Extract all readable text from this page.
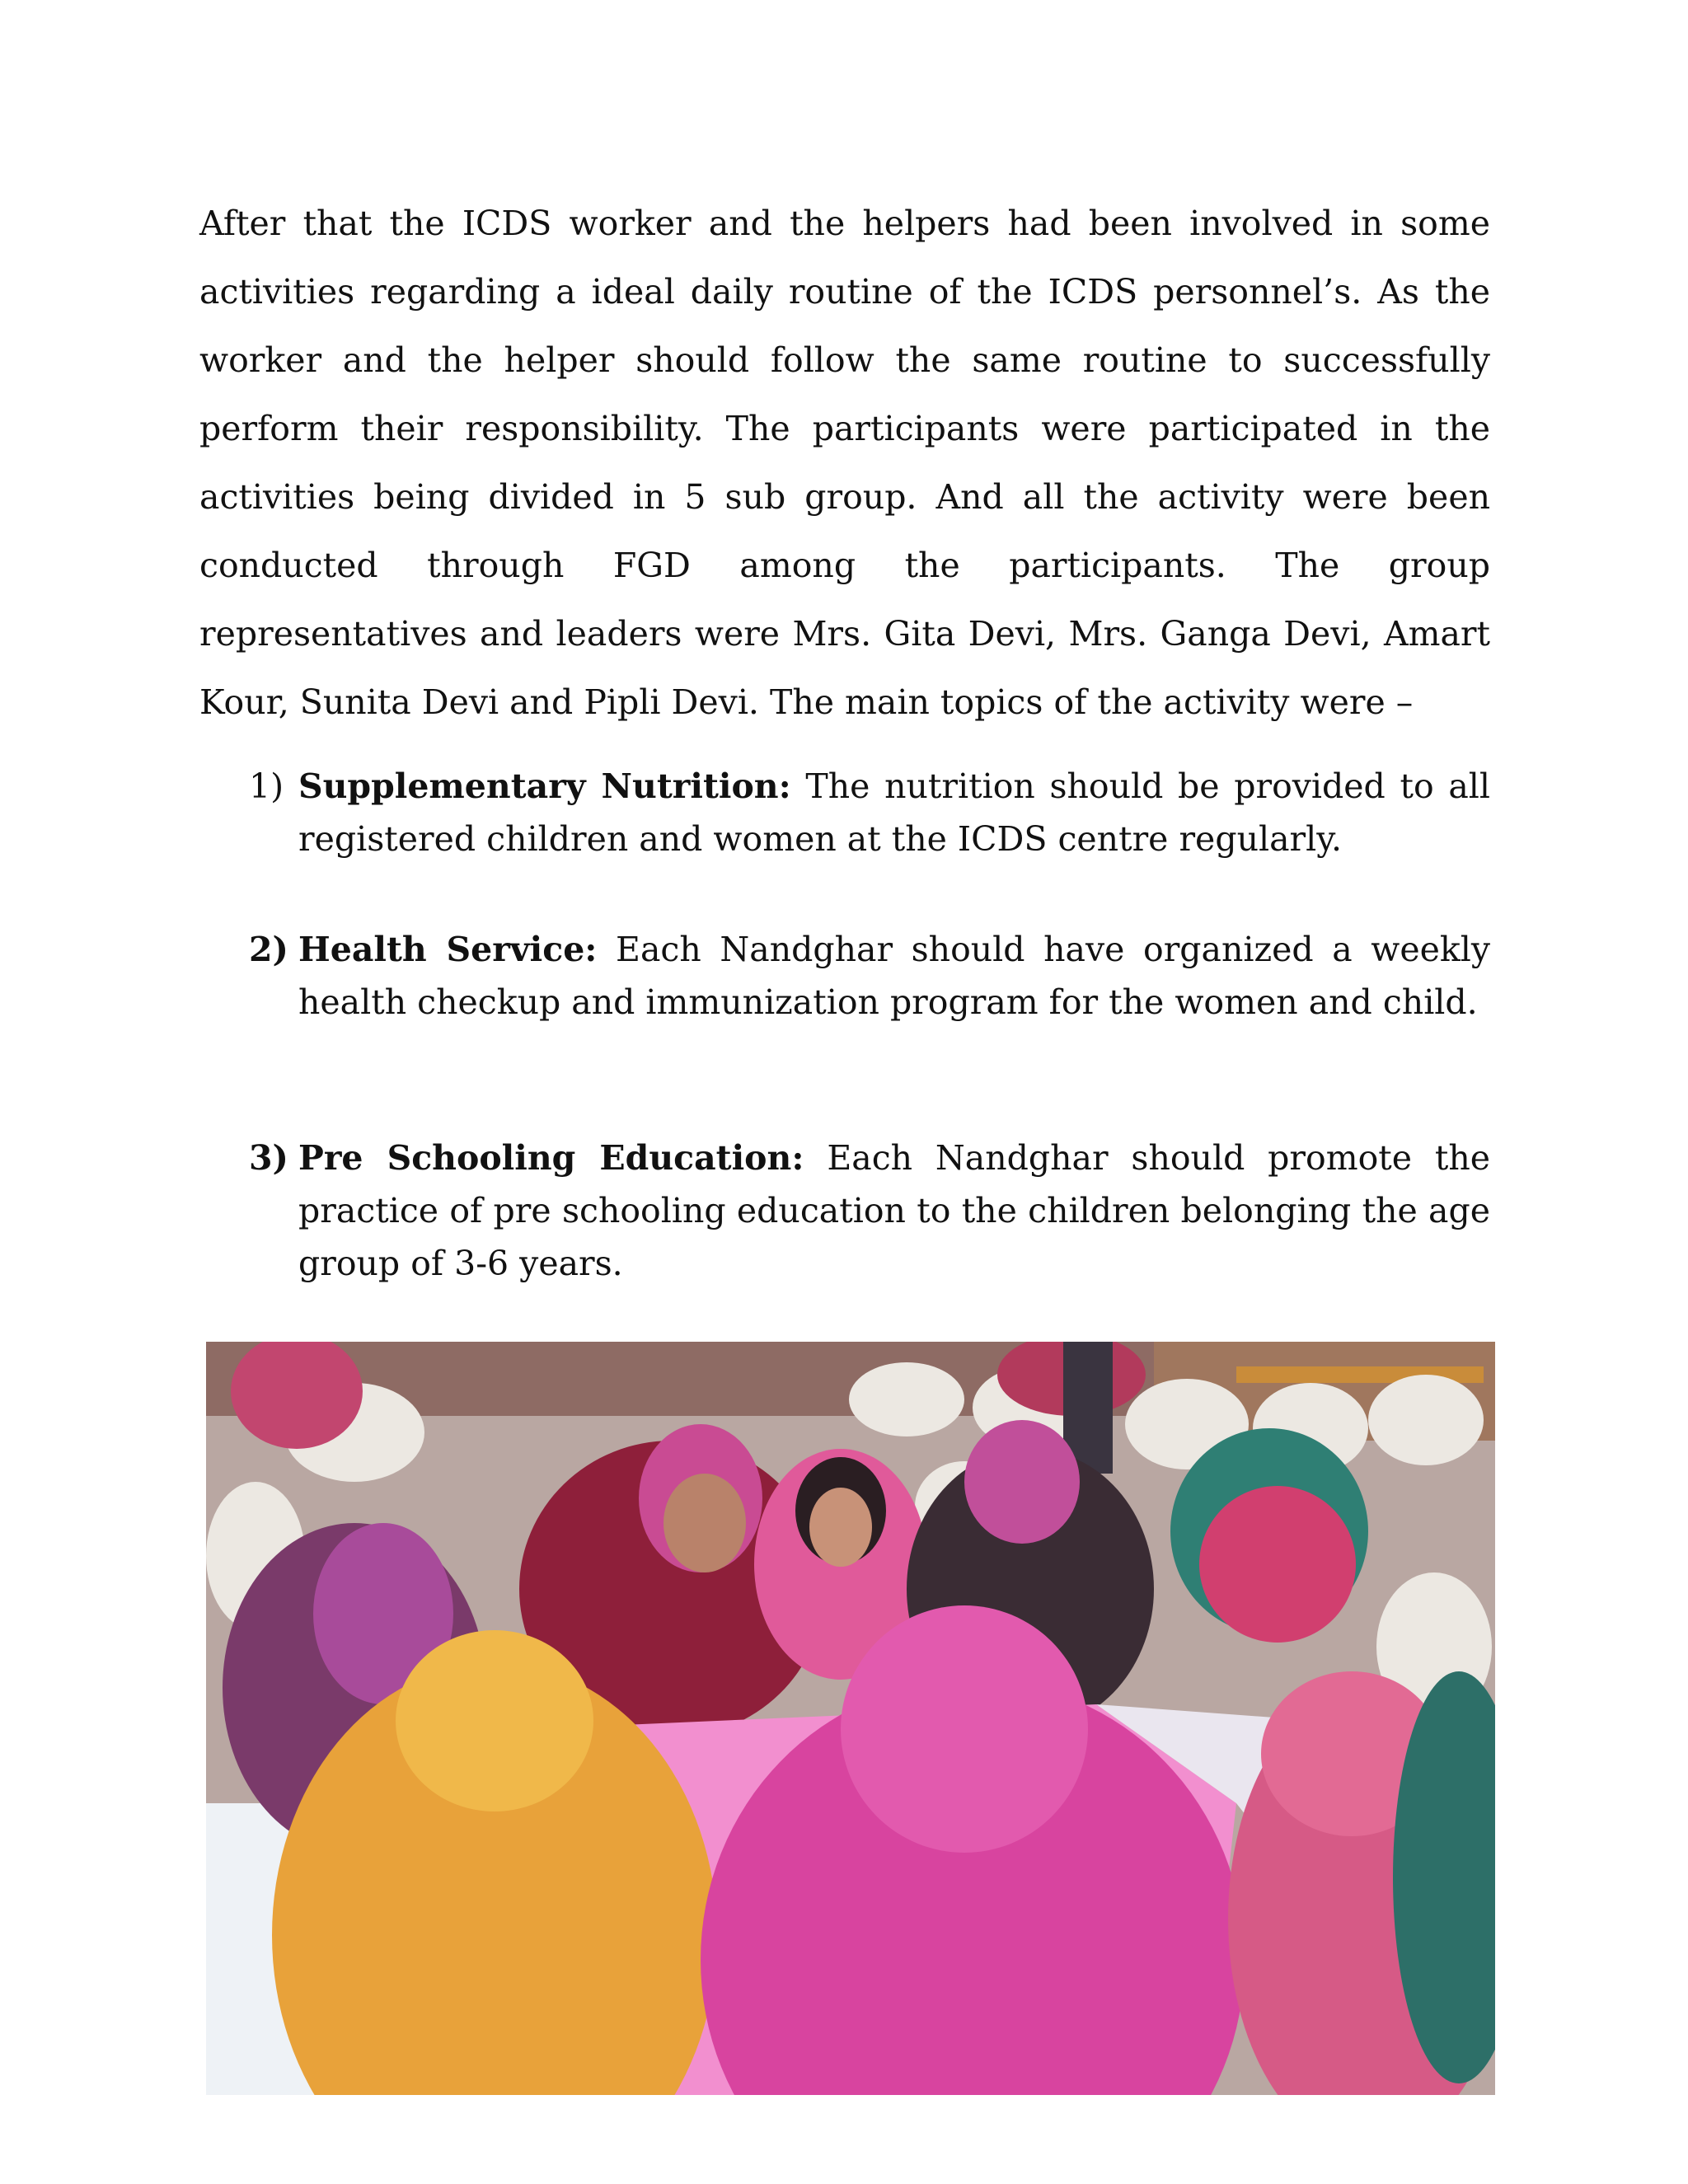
After that the ICDS worker and the helpers had been involved in some activities regarding a ideal daily routine of the ICDS personnel’s. As the worker and the helper should follow the same routine to successfully perform their responsibility. The participants were participated in the activities being divided in 5 sub group. And all the activity were been conducted through FGD among the participants. The group representatives and leaders were Mrs. Gita Devi, Mrs. Ganga Devi, Amart Kour, Sunita Devi and Pipli Devi. The main topics of the activity were –

1) Supplementary Nutrition: The nutrition should be provided to all registered children and women at the ICDS centre regularly.
2) Health Service: Each Nandghar should have organized a weekly health checkup and immunization program for the women and child.
3) Pre Schooling Education: Each Nandghar should promote the practice of pre schooling education to the children belonging the age group of 3-6 years.
